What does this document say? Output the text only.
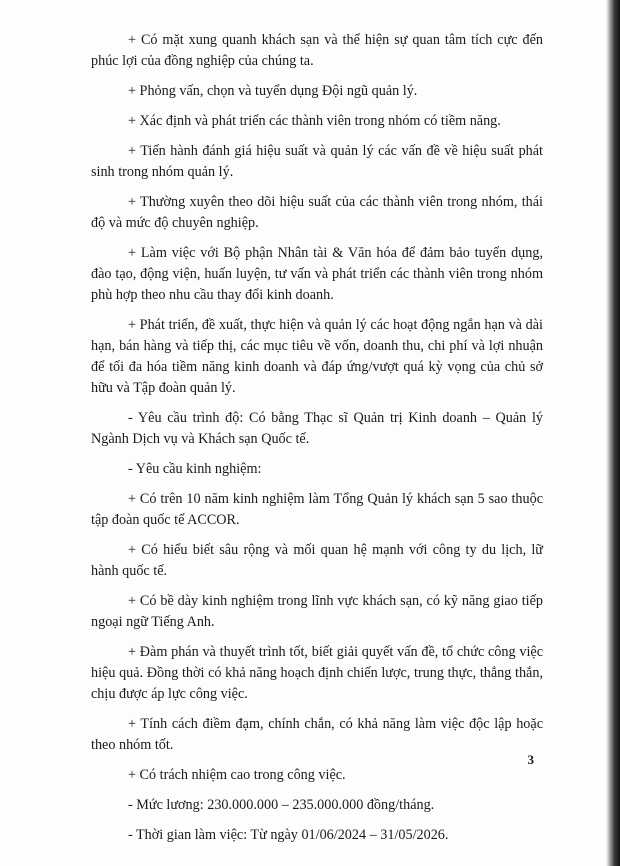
+ Có mặt xung quanh khách sạn và thể hiện sự quan tâm tích cực đến phúc lợi của đồng nghiệp của chúng ta.

+ Phỏng vấn, chọn và tuyển dụng Đội ngũ quản lý.

+ Xác định và phát triển các thành viên trong nhóm có tiềm năng.

+ Tiến hành đánh giá hiệu suất và quản lý các vấn đề về hiệu suất phát sinh trong nhóm quản lý.

+ Thường xuyên theo dõi hiệu suất của các thành viên trong nhóm, thái độ và mức độ chuyên nghiệp.

+ Làm việc với Bộ phận Nhân tài & Văn hóa để đảm bảo tuyển dụng, đào tạo, động viện, huấn luyện, tư vấn và phát triển các thành viên trong nhóm phù hợp theo nhu cầu thay đổi kinh doanh.

+ Phát triển, đề xuất, thực hiện và quản lý các hoạt động ngắn hạn và dài hạn, bán hàng và tiếp thị, các mục tiêu về vốn, doanh thu, chi phí và lợi nhuận để tối đa hóa tiềm năng kinh doanh và đáp ứng/vượt quá kỳ vọng của chủ sở hữu và Tập đoàn quản lý.

- Yêu cầu trình độ: Có bằng Thạc sĩ Quản trị Kinh doanh – Quản lý Ngành Dịch vụ và Khách sạn Quốc tế.

- Yêu cầu kinh nghiệm:

+ Có trên 10 năm kinh nghiệm làm Tổng Quản lý khách sạn 5 sao thuộc tập đoàn quốc tế ACCOR.

+ Có hiểu biết sâu rộng và mối quan hệ mạnh với công ty du lịch, lữ hành quốc tế.

+ Có bề dày kinh nghiệm trong lĩnh vực khách sạn, có kỹ năng giao tiếp ngoại ngữ Tiếng Anh.

+ Đàm phán và thuyết trình tốt, biết giải quyết vấn đề, tổ chức công việc hiệu quả. Đồng thời có khả năng hoạch định chiến lược, trung thực, thẳng thắn, chịu được áp lực công việc.

+ Tính cách điềm đạm, chính chắn, có khả năng làm việc độc lập hoặc theo nhóm tốt.

+ Có trách nhiệm cao trong công việc.

- Mức lương: 230.000.000 – 235.000.000 đồng/tháng.

- Thời gian làm việc: Từ ngày 01/06/2024 – 31/05/2026.

3
